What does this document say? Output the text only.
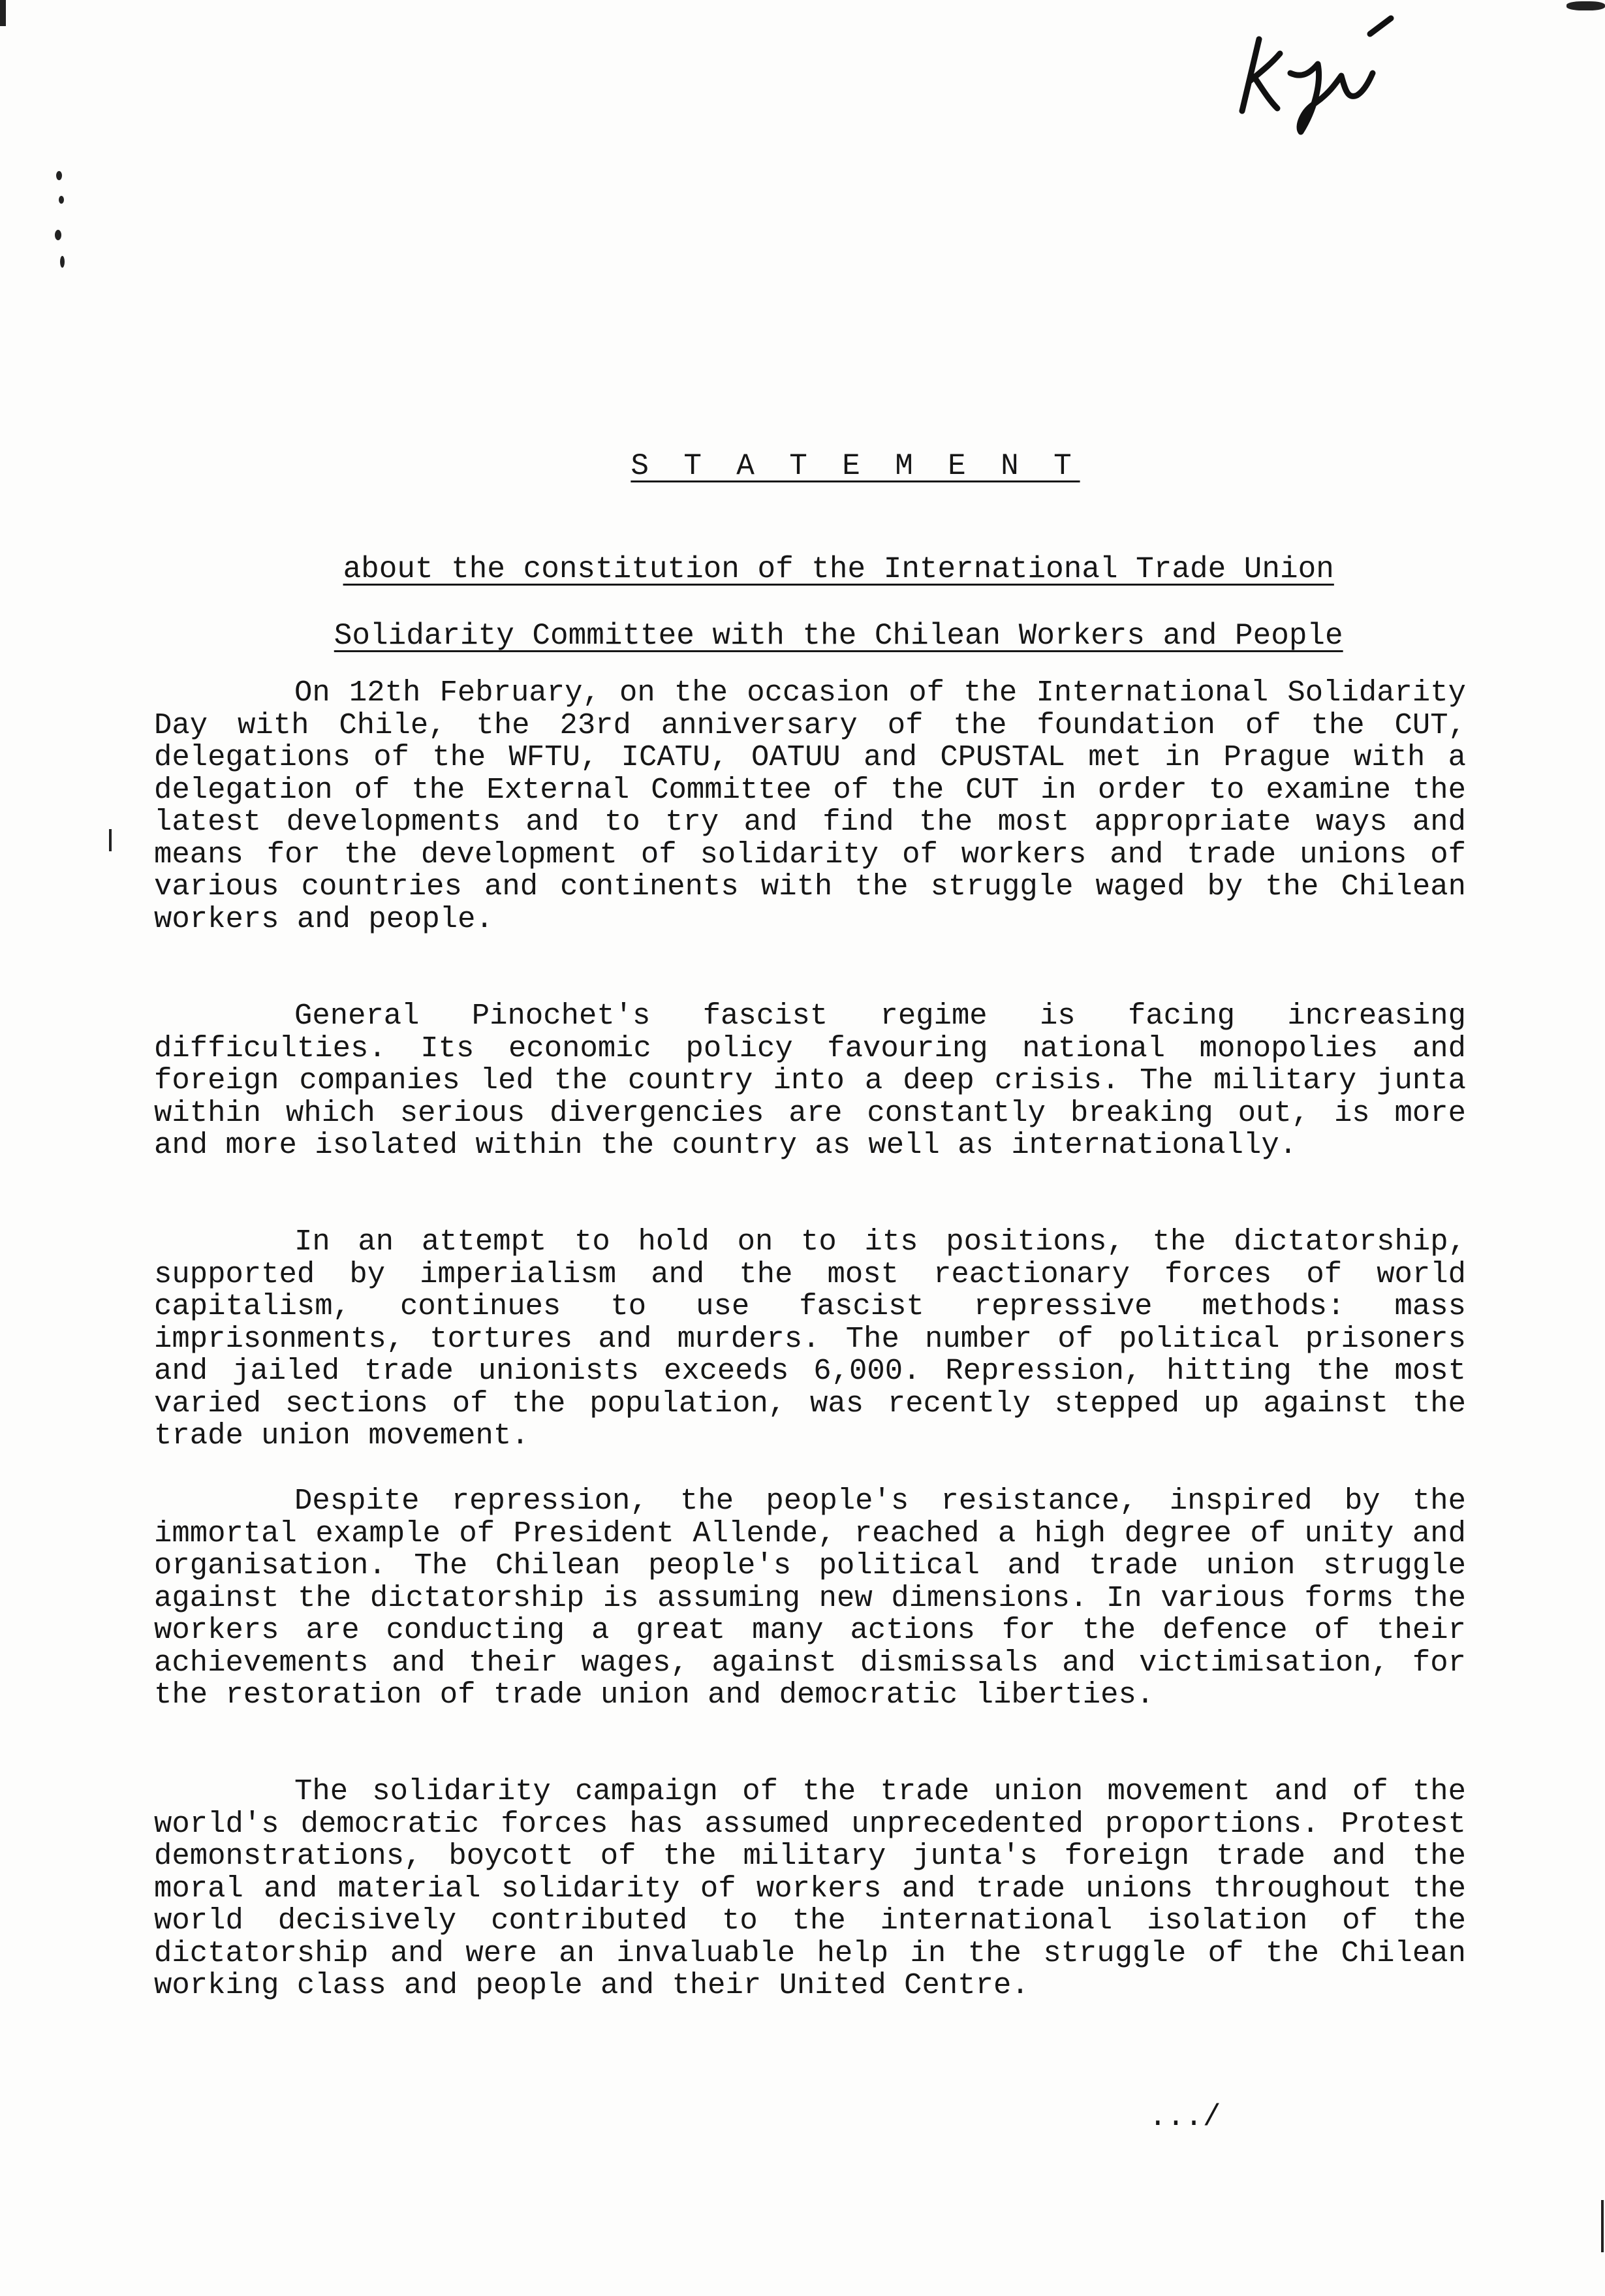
S T A T E M E N T

about the constitution of the International Trade Union

Solidarity Committee with the Chilean Workers and People

On 12th February, on the occasion of the International Solidarity Day with Chile, the 23rd anniversary of the foundation of the CUT, delegations of the WFTU, ICATU, OATUU and CPUSTAL met in Prague with a delegation of the External Committee of the CUT in order to examine the latest developments and to try and find the most appropriate ways and means for the development of solidarity of workers and trade unions of various countries and continents with the struggle waged by the Chilean workers and people.

General Pinochet's fascist regime is facing increasing difficulties. Its economic policy favouring national monopolies and foreign companies led the country into a deep crisis. The military junta within which serious divergencies are constantly breaking out, is more and more isolated within the country as well as internationally.

In an attempt to hold on to its positions, the dictatorship, supported by imperialism and the most reactionary forces of world capitalism, continues to use fascist repressive methods: mass imprisonments, tortures and murders. The number of political prisoners and jailed trade unionists exceeds 6,000. Repression, hitting the most varied sections of the population, was recently stepped up against the trade union movement.

Despite repression, the people's resistance, inspired by the immortal example of President Allende, reached a high degree of unity and organisation. The Chilean people's political and trade union struggle against the dictatorship is assuming new dimensions. In various forms the workers are conducting a great many actions for the defence of their achievements and their wages, against dismissals and victimisation, for the restoration of trade union and democratic liberties.

The solidarity campaign of the trade union movement and of the world's democratic forces has assumed unprecedented proportions. Protest demonstrations, boycott of the military junta's foreign trade and the moral and material solidarity of workers and trade unions throughout the world decisively contributed to the international isolation of the dictatorship and were an invaluable help in the struggle of the Chilean working class and people and their United Centre.

.../
